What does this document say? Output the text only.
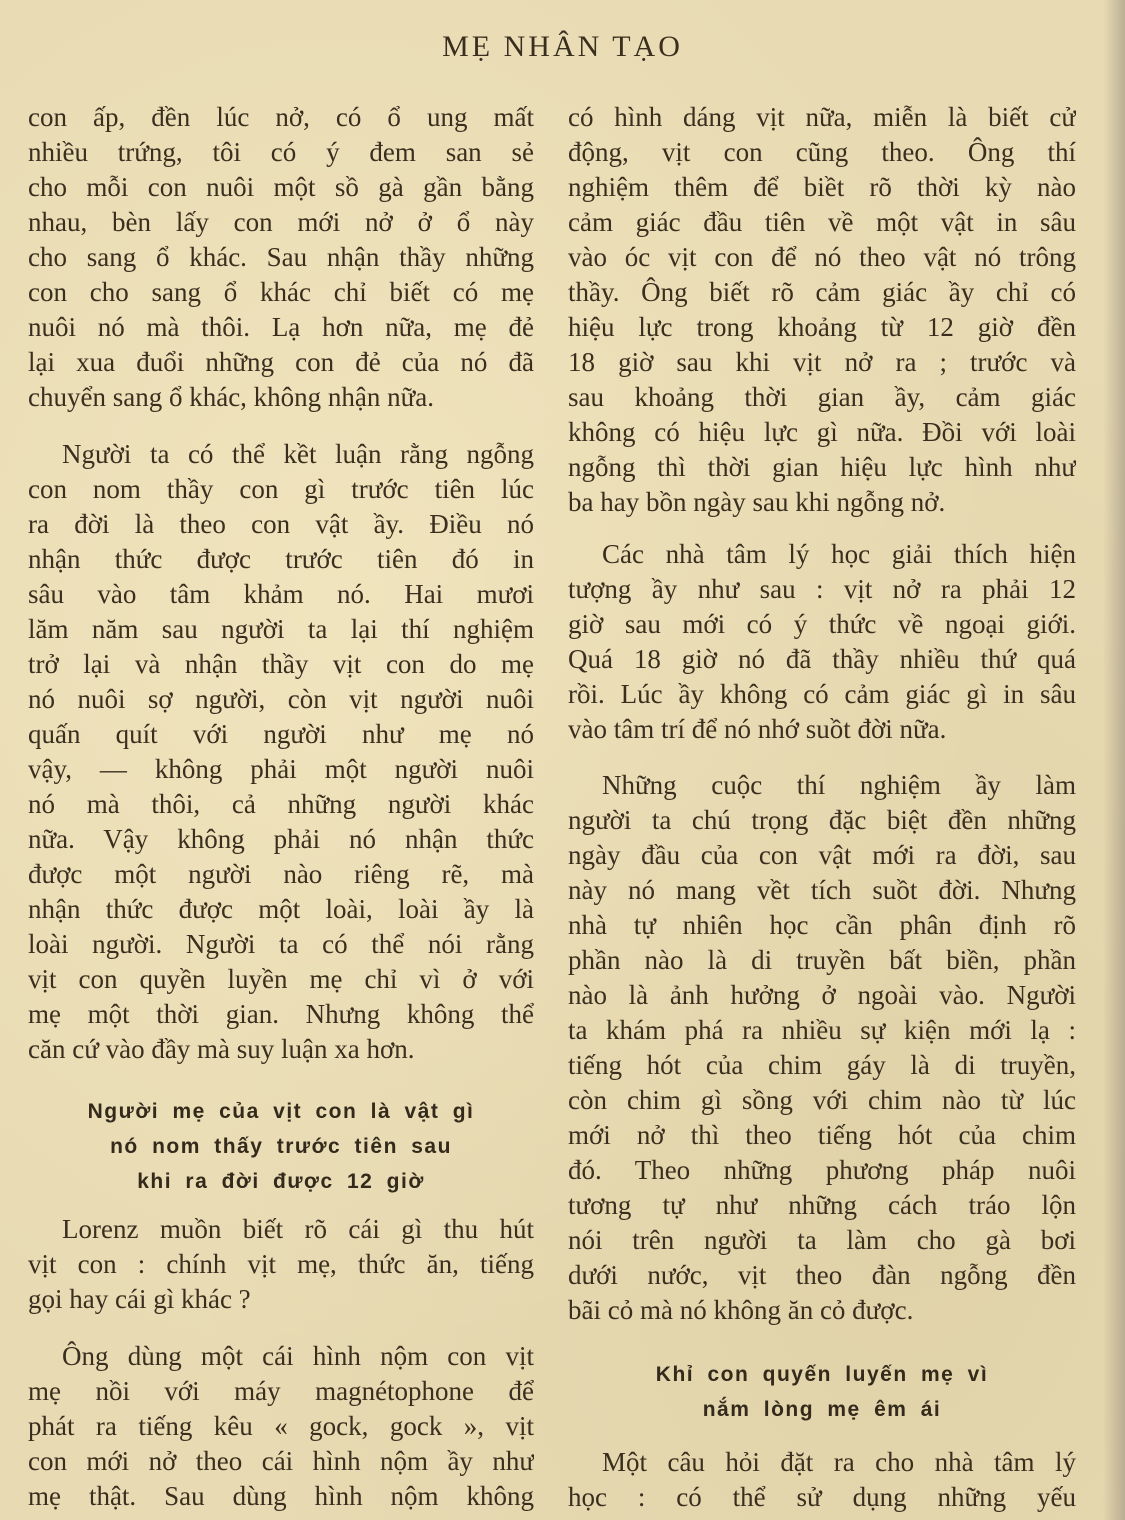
MẸ NHÂN TẠO
con ấp, đền lúc nở, có ổ ung mất
nhiều trứng, tôi có ý đem san sẻ
cho mỗi con nuôi một sồ gà gần bằng
nhau, bèn lấy con mới nở ở ổ này
cho sang ổ khác. Sau nhận thầy những
con cho sang ổ khác chỉ biết có mẹ
nuôi nó mà thôi. Lạ hơn nữa, mẹ đẻ
lại xua đuổi những con đẻ của nó đã
chuyển sang ổ khác, không nhận nữa.
Người ta có thể kềt luận rằng ngỗng
con nom thầy con gì trước tiên lúc
ra đời là theo con vật ầy. Điều nó
nhận thức được trước tiên đó in
sâu vào tâm khảm nó. Hai mươi
lăm năm sau người ta lại thí nghiệm
trở lại và nhận thầy vịt con do mẹ
nó nuôi sợ người, còn vịt người nuôi
quấn quít với người như mẹ nó
vậy, — không phải một người nuôi
nó mà thôi, cả những người khác
nữa. Vậy không phải nó nhận thức
được một người nào riêng rẽ, mà
nhận thức được một loài, loài ầy là
loài người. Người ta có thể nói rằng
vịt con quyền luyền mẹ chỉ vì ở với
mẹ một thời gian. Nhưng không thể
căn cứ vào đầy mà suy luận xa hơn.
Người mẹ của vịt con là vật gì
nó nom thấy trước tiên sau
khi ra đời được 12 giờ
Lorenz muồn biết rõ cái gì thu hút
vịt con : chính vịt mẹ, thức ăn, tiếng
gọi hay cái gì khác ?
Ông dùng một cái hình nộm con vịt
mẹ nồi với máy magnétophone để
phát ra tiếng kêu « gock, gock », vịt
con mới nở theo cái hình nộm ầy như
mẹ thật. Sau dùng hình nộm không
có hình dáng vịt nữa, miễn là biết cử
động, vịt con cũng theo. Ông thí
nghiệm thêm để biềt rõ thời kỳ nào
cảm giác đầu tiên về một vật in sâu
vào óc vịt con để nó theo vật nó trông
thầy. Ông biết rõ cảm giác ầy chỉ có
hiệu lực trong khoảng từ 12 giờ đền
18 giờ sau khi vịt nở ra ; trước và
sau khoảng thời gian ầy, cảm giác
không có hiệu lực gì nữa. Đồi với loài
ngỗng thì thời gian hiệu lực hình như
ba hay bồn ngày sau khi ngỗng nở.
Các nhà tâm lý học giải thích hiện
tượng ầy như sau : vịt nở ra phải 12
giờ sau mới có ý thức về ngoại giới.
Quá 18 giờ nó đã thầy nhiều thứ quá
rồi. Lúc ầy không có cảm giác gì in sâu
vào tâm trí để nó nhớ suồt đời nữa.
Những cuộc thí nghiệm ầy làm
người ta chú trọng đặc biệt đền những
ngày đầu của con vật mới ra đời, sau
này nó mang vềt tích suồt đời. Nhưng
nhà tự nhiên học cần phân định rõ
phần nào là di truyền bất biền, phần
nào là ảnh hưởng ở ngoài vào. Người
ta khám phá ra nhiều sự kiện mới lạ :
tiếng hót của chim gáy là di truyền,
còn chim gì sồng với chim nào từ lúc
mới nở thì theo tiếng hót của chim
đó. Theo những phương pháp nuôi
tương tự như những cách tráo lộn
nói trên người ta làm cho gà bơi
dưới nước, vịt theo đàn ngỗng đền
bãi cỏ mà nó không ăn cỏ được.
Khỉ con quyến luyến mẹ vì
nắm lòng mẹ êm ái
Một câu hỏi đặt ra cho nhà tâm lý
học : có thể sử dụng những yếu
